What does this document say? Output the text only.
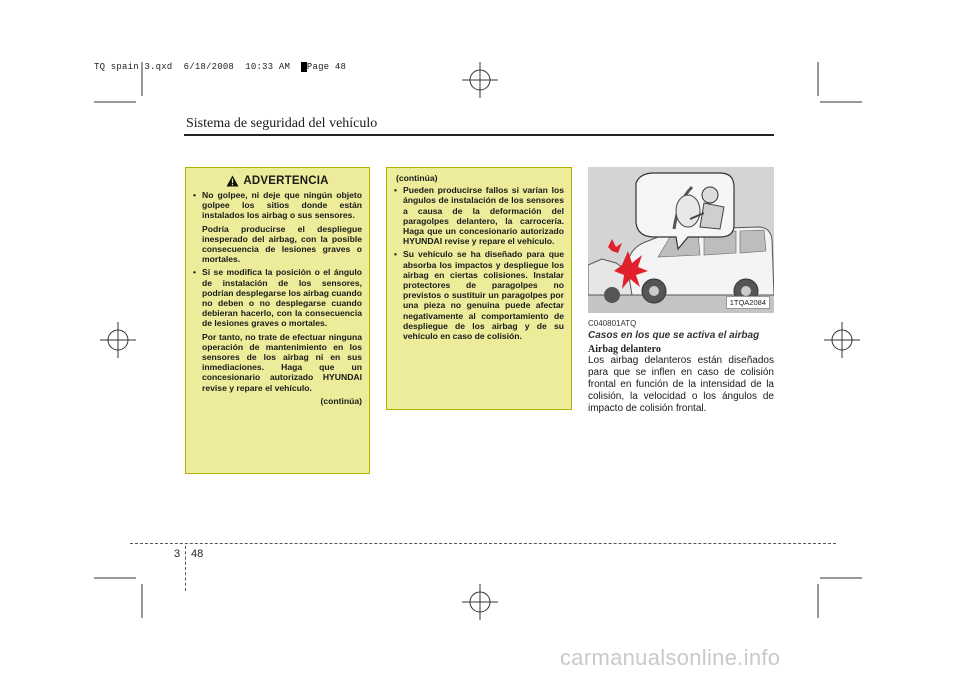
TQ spain 3.qxd 6/18/2008 10:33 AM Page 48
Sistema de seguridad del vehículo
ADVERTENCIA
• No golpee, ni deje que ningún objeto golpee los sitios donde están instalados los airbag o sus sensores.

Podría producirse el despliegue inesperado del airbag, con la posible consecuencia de lesiones graves o mortales.

• Si se modifica la posición o el ángulo de instalación de los sensores, podrían desplegarse los airbag cuando no deben o no desplegarse cuando debieran hacerlo, con la consecuencia de lesiones graves o mortales.

Por tanto, no trate de efectuar ninguna operación de mantenimiento en los sensores de los airbag ni en sus inmediaciones. Haga que un concesionario autorizado HYUNDAI revise y repare el vehículo.

(continúa)
(continúa)
• Pueden producirse fallos si varían los ángulos de instalación de los sensores a causa de la deformación del paragolpes delantero, la carrocería. Haga que un concesionario autorizado HYUNDAI revise y repare el vehículo.

• Su vehículo se ha diseñado para que absorba los impactos y despliegue los airbag en ciertas colisiones. Instalar protectores de paragolpes no previstos o sustituir un paragolpes por una pieza no genuina puede afectar negativamente al comportamiento de despliegue de los airbag y de su vehículo en caso de colisión.

1TQA2084
C040801ATQ
Casos en los que se activa el airbag
Airbag delantero

Los airbag delanteros están diseñados para que se inflen en caso de colisión frontal en función de la intensidad de la colisión, la velocidad o los ángulos de impacto de colisión frontal.

3 48
carmanualsonline.info
